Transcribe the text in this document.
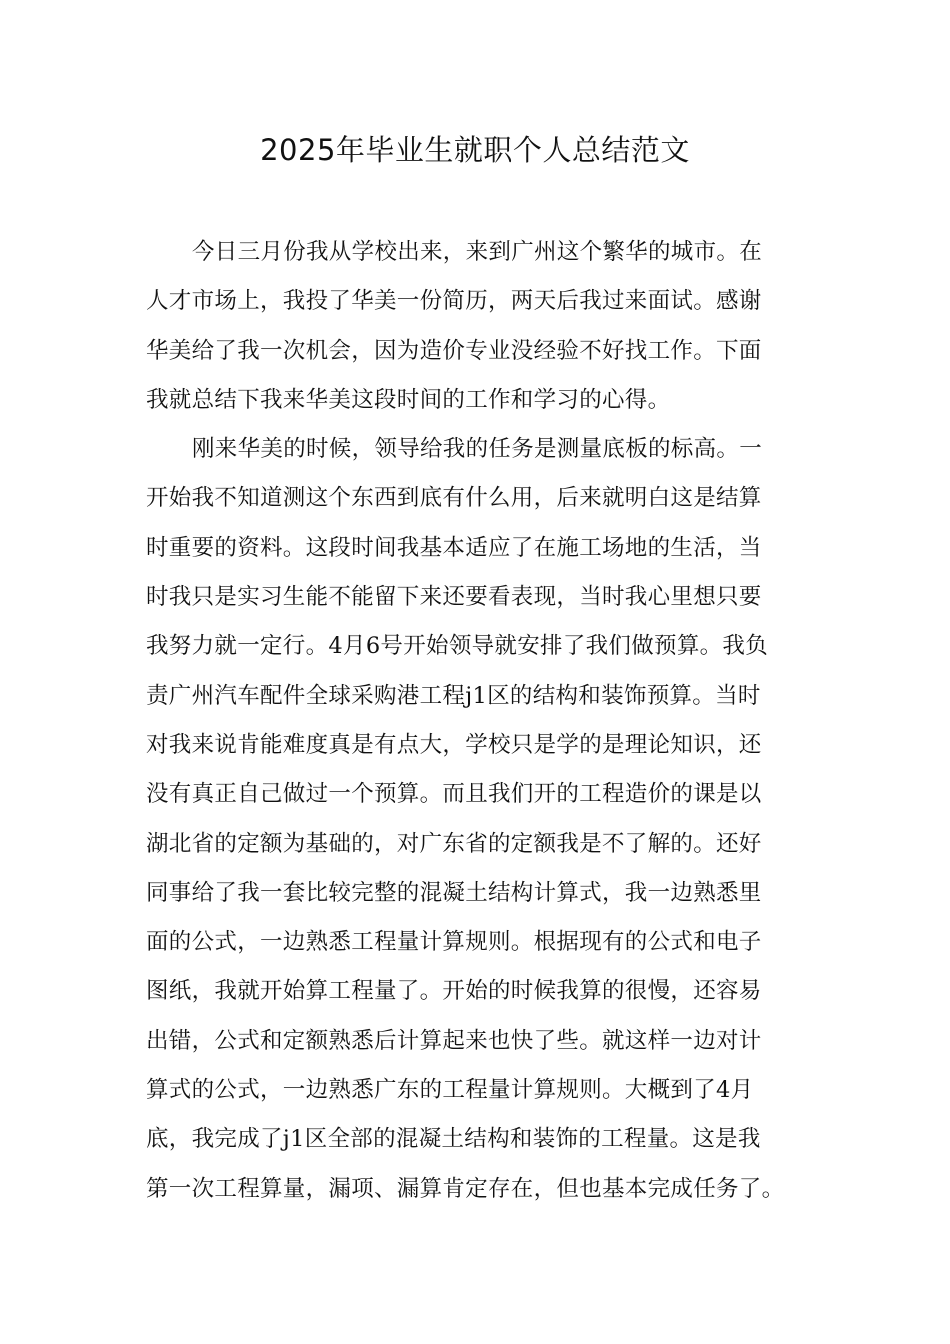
2025年毕业生就职个人总结范文
今日三月份我从学校出来，来到广州这个繁华的城市。在
人才市场上，我投了华美一份简历，两天后我过来面试。感谢
华美给了我一次机会，因为造价专业没经验不好找工作。下面
我就总结下我来华美这段时间的工作和学习的心得。
刚来华美的时候，领导给我的任务是测量底板的标高。一
开始我不知道测这个东西到底有什么用，后来就明白这是结算
时重要的资料。这段时间我基本适应了在施工场地的生活，当
时我只是实习生能不能留下来还要看表现，当时我心里想只要
我努力就一定行。4月6号开始领导就安排了我们做预算。我负
责广州汽车配件全球采购港工程j1区的结构和装饰预算。当时
对我来说肯能难度真是有点大，学校只是学的是理论知识，还
没有真正自己做过一个预算。而且我们开的工程造价的课是以
湖北省的定额为基础的，对广东省的定额我是不了解的。还好
同事给了我一套比较完整的混凝土结构计算式，我一边熟悉里
面的公式，一边熟悉工程量计算规则。根据现有的公式和电子
图纸，我就开始算工程量了。开始的时候我算的很慢，还容易
出错，公式和定额熟悉后计算起来也快了些。就这样一边对计
算式的公式，一边熟悉广东的工程量计算规则。大概到了4月
底，我完成了j1区全部的混凝土结构和装饰的工程量。这是我
第一次工程算量，漏项、漏算肯定存在，但也基本完成任务了。
